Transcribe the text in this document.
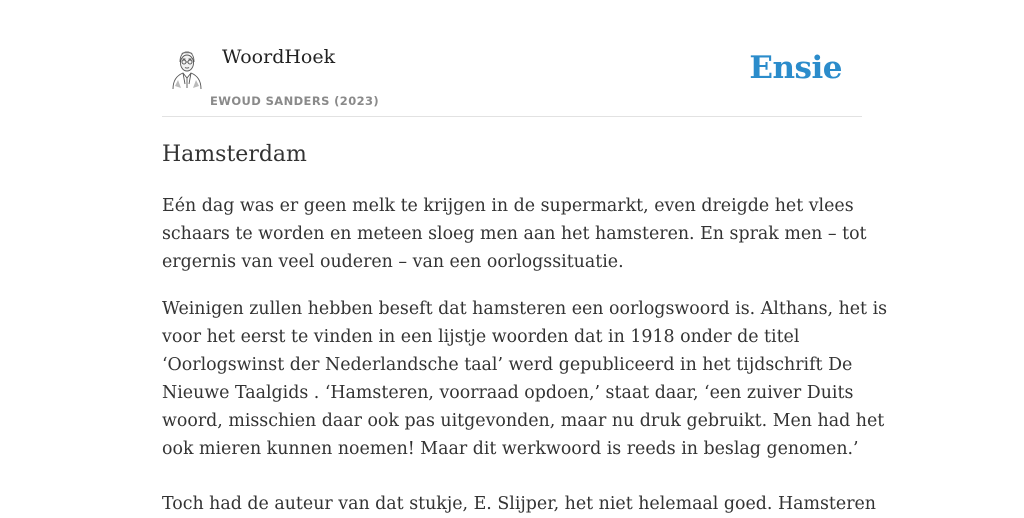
WoordHoek
EWOUD SANDERS (2023)
Ensie
Hamsterdam

Eén dag was er geen melk te krijgen in de supermarkt, even dreigde het vlees
schaars te worden en meteen sloeg men aan het hamsteren. En sprak men – tot
ergernis van veel ouderen – van een oorlogssituatie.

Weinigen zullen hebben beseft dat hamsteren een oorlogswoord is. Althans, het is
voor het eerst te vinden in een lijstje woorden dat in 1918 onder de titel
‘Oorlogswinst der Nederlandsche taal’ werd gepubliceerd in het tijdschrift De
Nieuwe Taalgids . ‘Hamsteren, voorraad opdoen,’ staat daar, ‘een zuiver Duits
woord, misschien daar ook pas uitgevonden, maar nu druk gebruikt. Men had het
ook mieren kunnen noemen! Maar dit werkwoord is reeds in beslag genomen.’

Toch had de auteur van dat stukje, E. Slijper, het niet helemaal goed. Hamsteren
